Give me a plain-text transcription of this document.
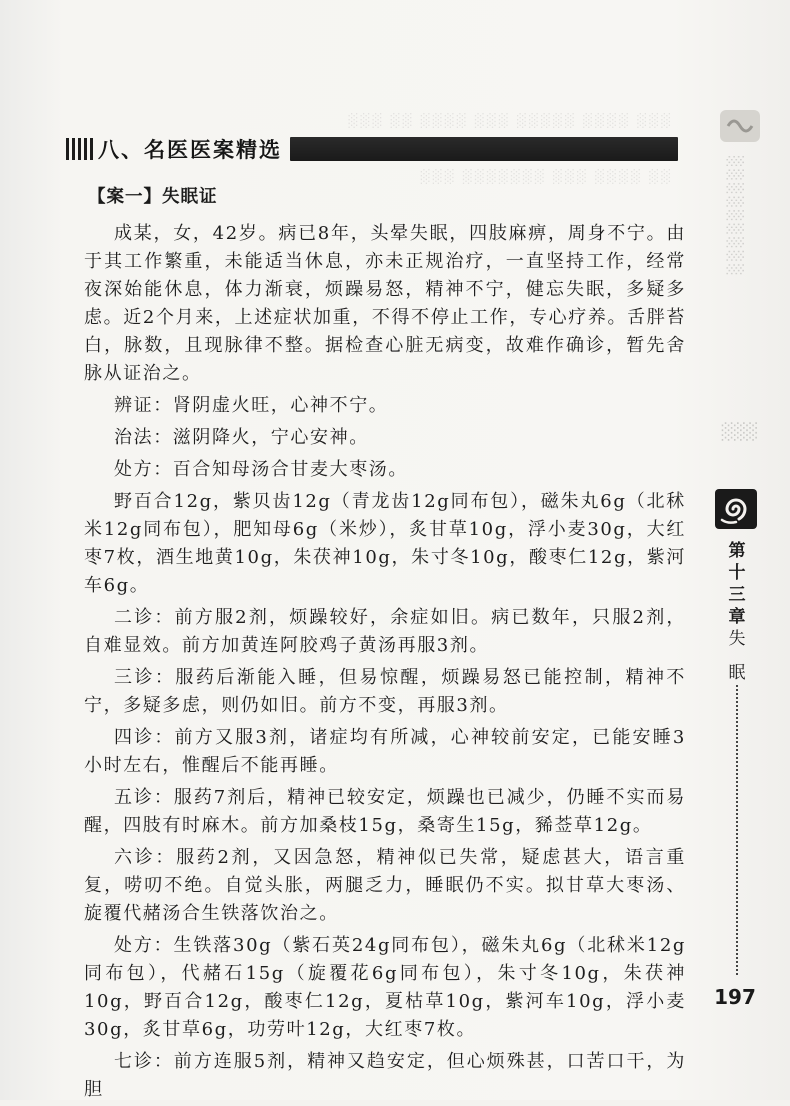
░░░ ░░░░ ░░░░░ ░░░ ░░░░ ░░ ░░░

░░ ░░░░ ░░░ ░░░░░░░ ░░░
八、名医医案精选
【案一】失眠证

成某，女，42岁。病已8年，头晕失眠，四肢麻痹，周身不宁。由于其工作繁重，未能适当休息，亦未正规治疗，一直坚持工作，经常夜深始能休息，体力渐衰，烦躁易怒，精神不宁，健忘失眠，多疑多虑。近2个月来，上述症状加重，不得不停止工作，专心疗养。舌胖苔白，脉数，且现脉律不整。据检查心脏无病变，故难作确诊，暂先舍脉从证治之。

辨证：肾阴虚火旺，心神不宁。

治法：滋阴降火，宁心安神。

处方：百合知母汤合甘麦大枣汤。

野百合12g，紫贝齿12g（青龙齿12g同布包），磁朱丸6g（北秫米12g同布包），肥知母6g（米炒），炙甘草10g，浮小麦30g，大红枣7枚，酒生地黄10g，朱茯神10g，朱寸冬10g，酸枣仁12g，紫河车6g。

二诊：前方服2剂，烦躁较好，余症如旧。病已数年，只服2剂，自难显效。前方加黄连阿胶鸡子黄汤再服3剂。

三诊：服药后渐能入睡，但易惊醒，烦躁易怒已能控制，精神不宁，多疑多虑，则仍如旧。前方不变，再服3剂。

四诊：前方又服3剂，诸症均有所减，心神较前安定，已能安睡3小时左右，惟醒后不能再睡。

五诊：服药7剂后，精神已较安定，烦躁也已减少，仍睡不实而易醒，四肢有时麻木。前方加桑枝15g，桑寄生15g，豨莶草12g。

六诊：服药2剂，又因急怒，精神似已失常，疑虑甚大，语言重复，唠叨不绝。自觉头胀，两腿乏力，睡眠仍不实。拟甘草大枣汤、旋覆代赭汤合生铁落饮治之。

处方：生铁落30g（紫石英24g同布包），磁朱丸6g（北秫米12g同布包），代赭石15g（旋覆花6g同布包），朱寸冬10g，朱茯神10g，野百合12g，酸枣仁12g，夏枯草10g，紫河车10g，浮小麦30g，炙甘草6g，功劳叶12g，大红枣7枚。

七诊：前方连服5剂，精神又趋安定，但心烦殊甚，口苦口干，为胆

░░░░░░░░░
░░░
第十三章
失
眠
197
